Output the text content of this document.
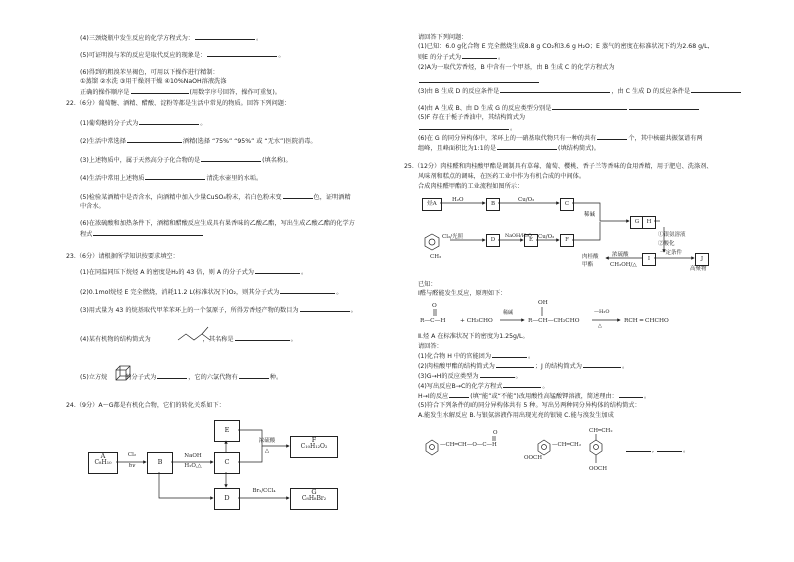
(4)三颈烧瓶中发生反应的化学方程式为：	。
(5)可证明溴与苯的反应是取代反应的现象是：	。
(6)得到的粗溴苯呈褐色，可用以下操作进行精制：
①蒸馏 ②水洗 ③用干燥剂干燥 ④10%NaOH溶液洗涤
正确的操作顺序是	(用数字序号回答，操作可重复)。
22.（6分）葡萄糖、酒精、醋酸、淀粉等都是生活中常见的物质。回答下列问题：
(1)葡萄糖的分子式为	。
(2)生活中常选择	酒精(选择 “75%” “95%” 或 “无水”)医院消毒。
(3)上述物质中，属于天然高分子化合物的是	(填名称)。
(4)生活中常用上述物质	清洗水壶里的水垢。
(5)检验某酒精中是否含水，向酒精中加入少量CuSO₄粉末，若白色粉末变	色，证明酒精
中含水。
(6)在浓硫酸和加热条件下，酒精和醋酸反应生成具有果香味的乙酸乙酯，写出生成乙酸乙酯的化学方
程式
23.（6分）请根据所学知识按要求填空：
(1)在同温同压下烷烃 A 的密度是H₂的 43 倍，则 A 的分子式为	。
(2)0.1mol烷烃 E 完全燃烧，消耗11.2 L(标准状况下)O₂，则其分子式为	。
(3)用式量为 43 的烷基取代甲苯苯环上的一个氢原子，所得芳香烃产物的数目为	。
(4)某有机物的结构简式为	，其名称是	。
(5)立方烷	的分子式为	，它的六氯代物有	种。
24.（9分）A～G都是有机化合物，它们的转化关系如下：
A
C₈H₁₀	B	C
E
D
F
C₁₀H₁₂O₂
G
C₈H₈Br₂
Cl₂
hv
NaOH
H₂O,△
浓硫酸
△
Br₂/CCl₄
请回答下列问题：
(1)已知：6.0 g化合物 E 完全燃烧生成8.8 g CO₂和3.6 g H₂O；E 蒸气的密度在标准状况下约为2.68 g/L,
则E 的分子式为	。
(2)A为一取代芳香烃，B 中含有一个甲基，由 B 生成 C 的化学方程式为
(3)由 B 生成 D 的反应条件是	，由 C 生成 D 的反应条件是
(4)由 A 生成 B、由 D 生成 G 的反应类型分别是
(5)F 存在于栀子香油中，其结构简式为
。
(6)在 G 的同分异构体中，苯环上的一硝基取代物只有一种的共有	个，其中核磁共振氢谱有两
组峰，且峰面积比为1:1的是	(填结构简式)。
25.（12分）肉桂醛和肉桂酸甲酯是调制具有草莓、葡萄、樱桃、香子兰等香味的食用香精，用于肥皂、洗涤剂、
风味剂和糕点的调味，在医药工业中作为有机合成的中间体。
合成肉桂醛甲酯的工业流程如图所示：
烃A	B	C
D	E	F
G	H
I	J
H₂O	Cu/O₂
稀碱
Cl₂/光照	NaOH/H₂O Cu/O₂	①银氨溶液
②酸化
浓硫酸
CH₃OH/△
一定条件
肉桂酸
甲酯
高聚物
CH₃
已知：
Ⅰ醛与醛能发生反应，原理如下：
R—C—H
O
+ CH₃CHO
稀碱
OH
R—CH—CH₂CHO
—H₂O
△
RCH ═ CHCHO
Ⅱ.烃 A 在标准状况下的密度为1.25g/L。
请回答：
(1)化合物 H 中的官能团为	。
(2)肉桂酸甲酯的结构简式为	；J 的结构简式为	。
(3)G→H的反应类型为	。
(4)写出反应B→C的化学方程式	。
H→I的反应	(填“能”或“不能”)改用酸性高锰酸钾溶液，简述理由：	。
(5)符合下列条件的I的同分异构体共有 5 种。写出另两种同分异构体的结构简式：
A.能发生水解反应 B.与银氨溶液作用出现光亮的银镜 C.能与溴发生加成
—CH═CH—O—C—H
O
—CH═CH₂
OOCH
CH═CH₂
OOCH
,	。
